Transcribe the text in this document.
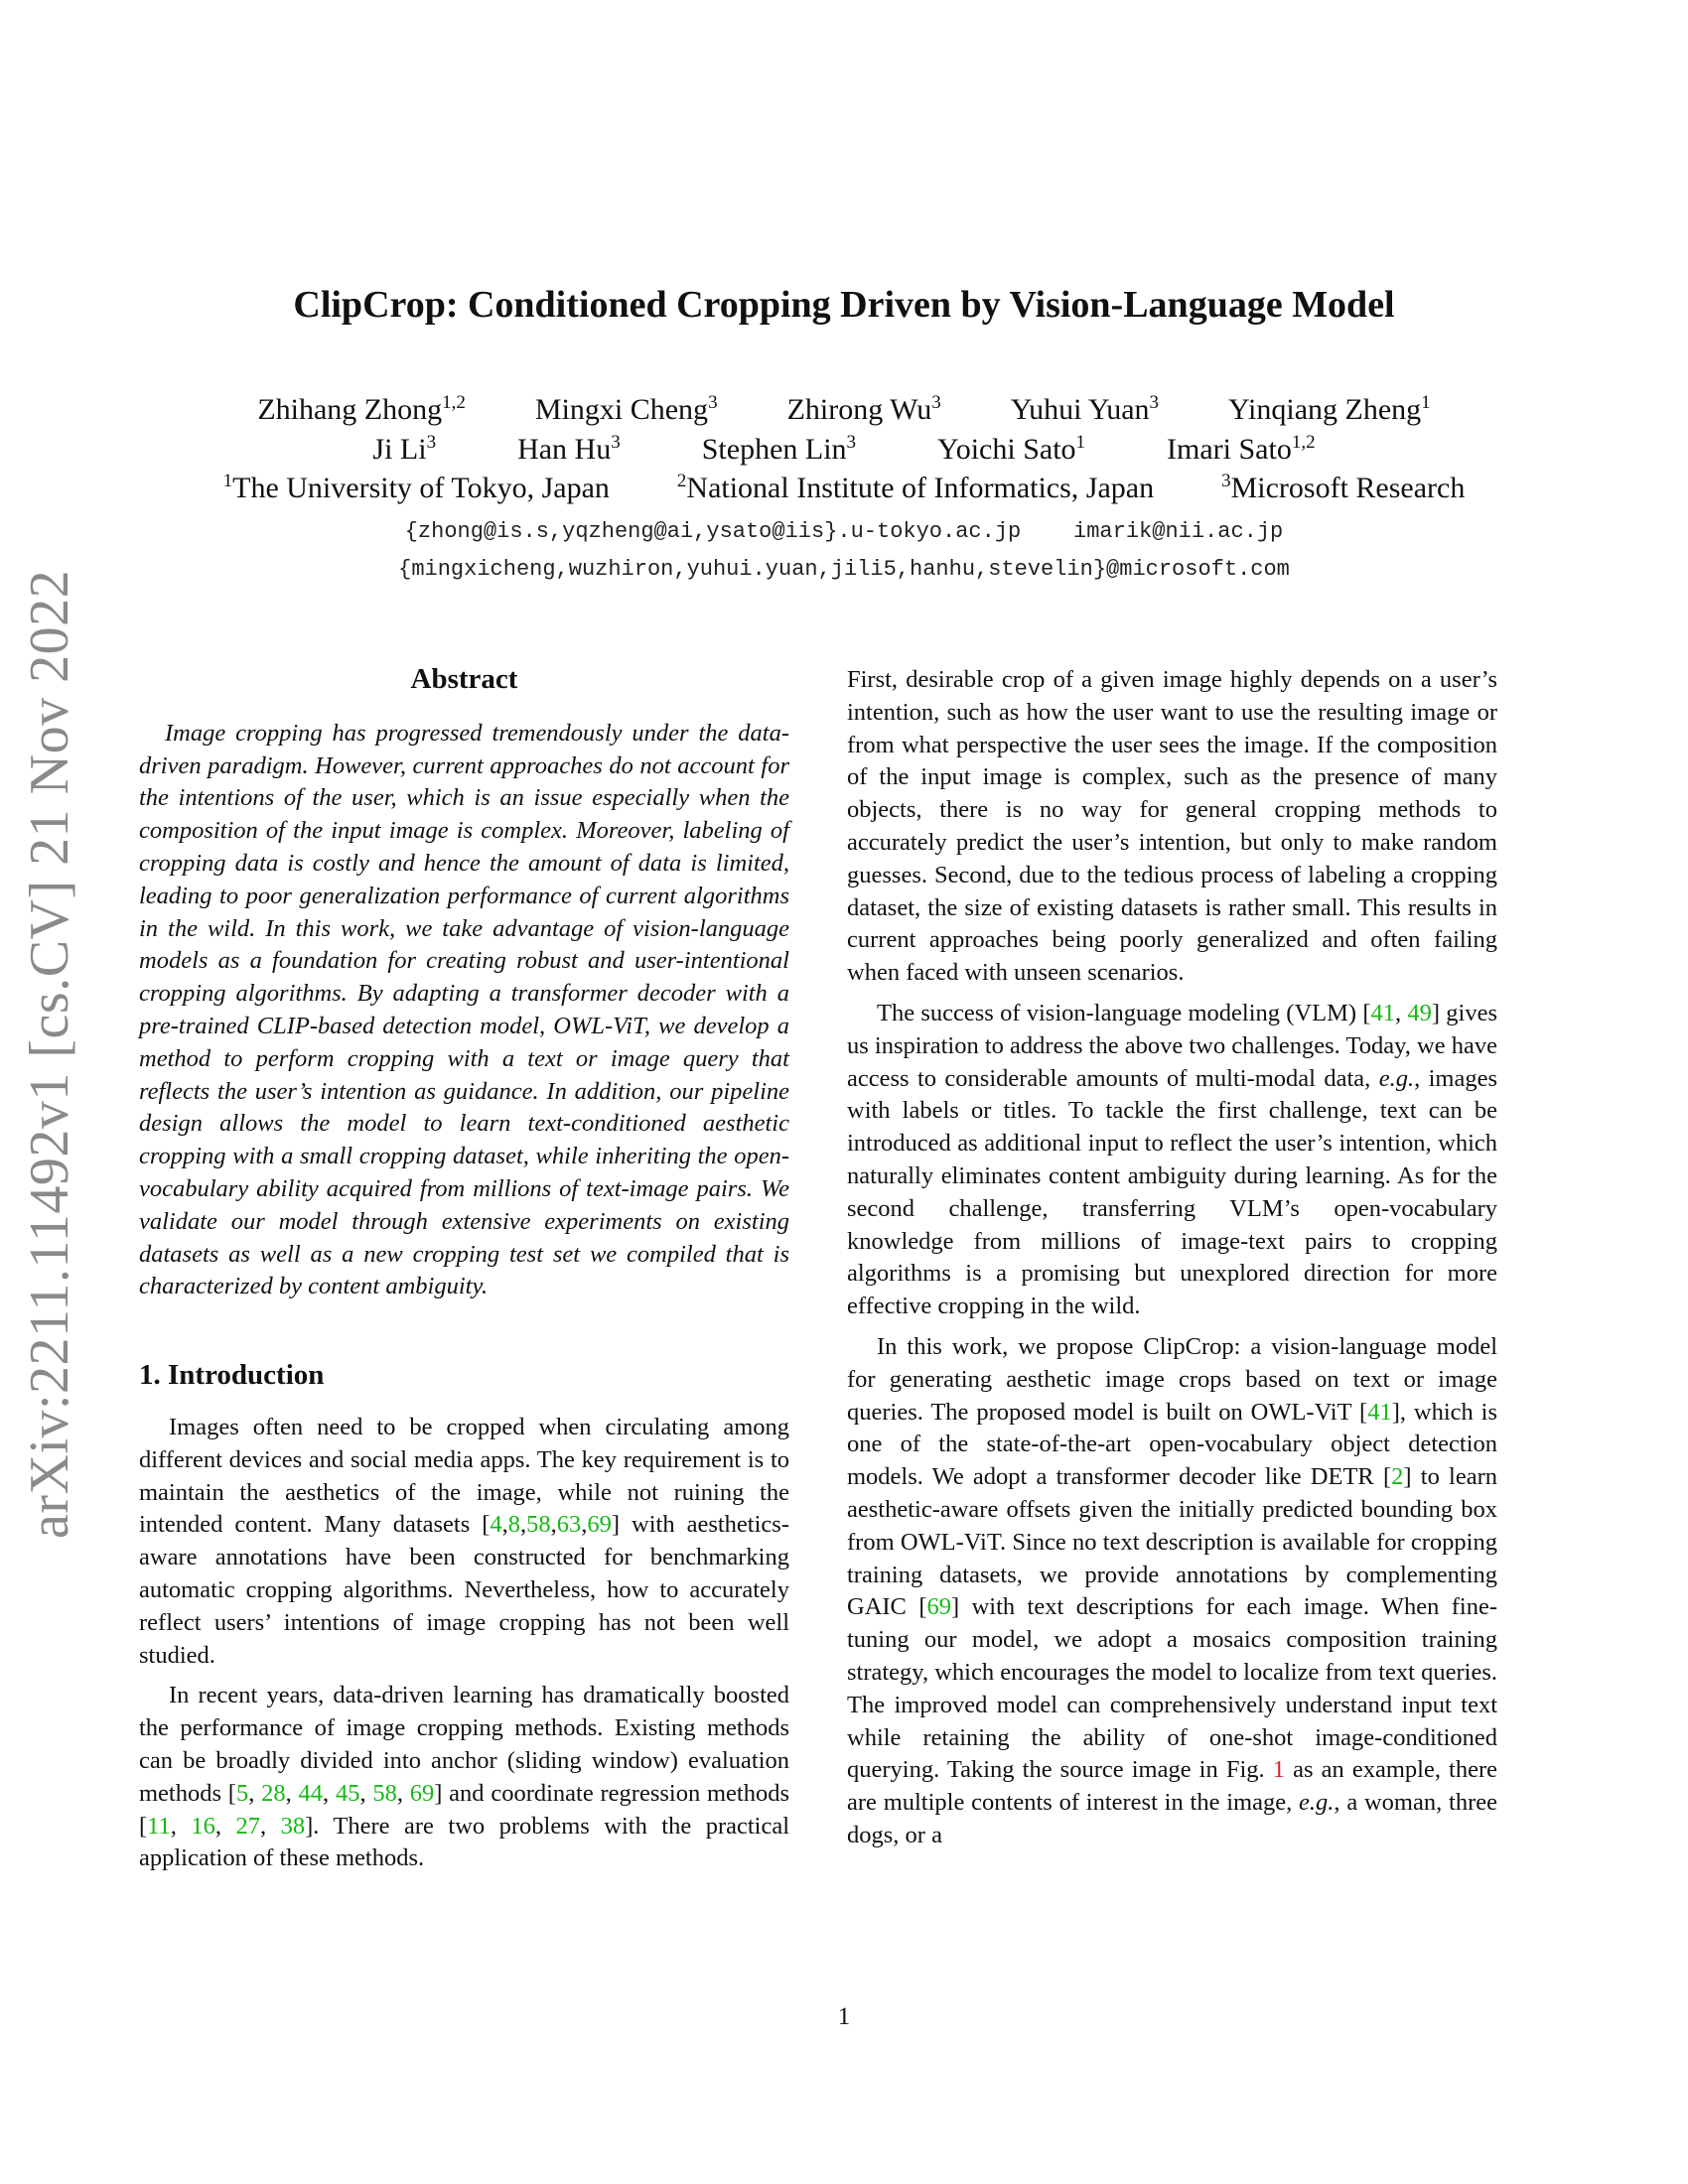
arXiv:2211.11492v1 [cs.CV] 21 Nov 2022
ClipCrop: Conditioned Cropping Driven by Vision-Language Model
Zhihang Zhong$^{1,2}$ Mingxi Cheng$^3$ Zhirong Wu$^3$ Yuhui Yuan$^3$ Yinqiang Zheng$^1$
Ji Li$^3$	Han Hu$^3$	Stephen Lin$^3$	Yoichi Sato$^1$	Imari Sato$^{1,2}$
$^1$The University of Tokyo, Japan	$^2$National Institute of Informatics, Japan	$^3$Microsoft Research
{zhong@is.s,yqzheng@ai,ysato@iis}.u-tokyo.ac.jp    imarik@nii.ac.jp
{mingxicheng,wuzhiron,yuhui.yuan,jili5,hanhu,stevelin}@microsoft.com
Abstract

Image cropping has progressed tremendously under the data-driven paradigm. However, current approaches do not account for the intentions of the user, which is an issue especially when the composition of the input image is complex. Moreover, labeling of cropping data is costly and hence the amount of data is limited, leading to poor generalization performance of current algorithms in the wild. In this work, we take advantage of vision-language models as a foundation for creating robust and user-intentional cropping algorithms. By adapting a transformer decoder with a pre-trained CLIP-based detection model, OWL-ViT, we develop a method to perform cropping with a text or image query that reflects the user’s intention as guidance. In addition, our pipeline design allows the model to learn text-conditioned aesthetic cropping with a small cropping dataset, while inheriting the open-vocabulary ability acquired from millions of text-image pairs. We validate our model through extensive experiments on existing datasets as well as a new cropping test set we compiled that is characterized by content ambiguity.

1. Introduction

Images often need to be cropped when circulating among different devices and social media apps. The key requirement is to maintain the aesthetics of the image, while not ruining the intended content. Many datasets [4,8,58,63,69] with aesthetics-aware annotations have been constructed for benchmarking automatic cropping algorithms. Nevertheless, how to accurately reflect users’ intentions of image cropping has not been well studied.

In recent years, data-driven learning has dramatically boosted the performance of image cropping methods. Existing methods can be broadly divided into anchor (sliding window) evaluation methods [5, 28, 44, 45, 58, 69] and coordinate regression methods [11, 16, 27, 38]. There are two problems with the practical application of these methods.

First, desirable crop of a given image highly depends on a user’s intention, such as how the user want to use the resulting image or from what perspective the user sees the image. If the composition of the input image is complex, such as the presence of many objects, there is no way for general cropping methods to accurately predict the user’s intention, but only to make random guesses. Second, due to the tedious process of labeling a cropping dataset, the size of existing datasets is rather small. This results in current approaches being poorly generalized and often failing when faced with unseen scenarios.

The success of vision-language modeling (VLM) [41, 49] gives us inspiration to address the above two challenges. Today, we have access to considerable amounts of multi-modal data, e.g., images with labels or titles. To tackle the first challenge, text can be introduced as additional input to reflect the user’s intention, which naturally eliminates content ambiguity during learning. As for the second challenge, transferring VLM’s open-vocabulary knowledge from millions of image-text pairs to cropping algorithms is a promising but unexplored direction for more effective cropping in the wild.

In this work, we propose ClipCrop: a vision-language model for generating aesthetic image crops based on text or image queries. The proposed model is built on OWL-ViT [41], which is one of the state-of-the-art open-vocabulary object detection models. We adopt a transformer decoder like DETR [2] to learn aesthetic-aware offsets given the initially predicted bounding box from OWL-ViT. Since no text description is available for cropping training datasets, we provide annotations by complementing GAIC [69] with text descriptions for each image. When fine-tuning our model, we adopt a mosaics composition training strategy, which encourages the model to localize from text queries. The improved model can comprehensively understand input text while retaining the ability of one-shot image-conditioned querying. Taking the source image in Fig. 1 as an example, there are multiple contents of interest in the image, e.g., a woman, three dogs, or a

1
